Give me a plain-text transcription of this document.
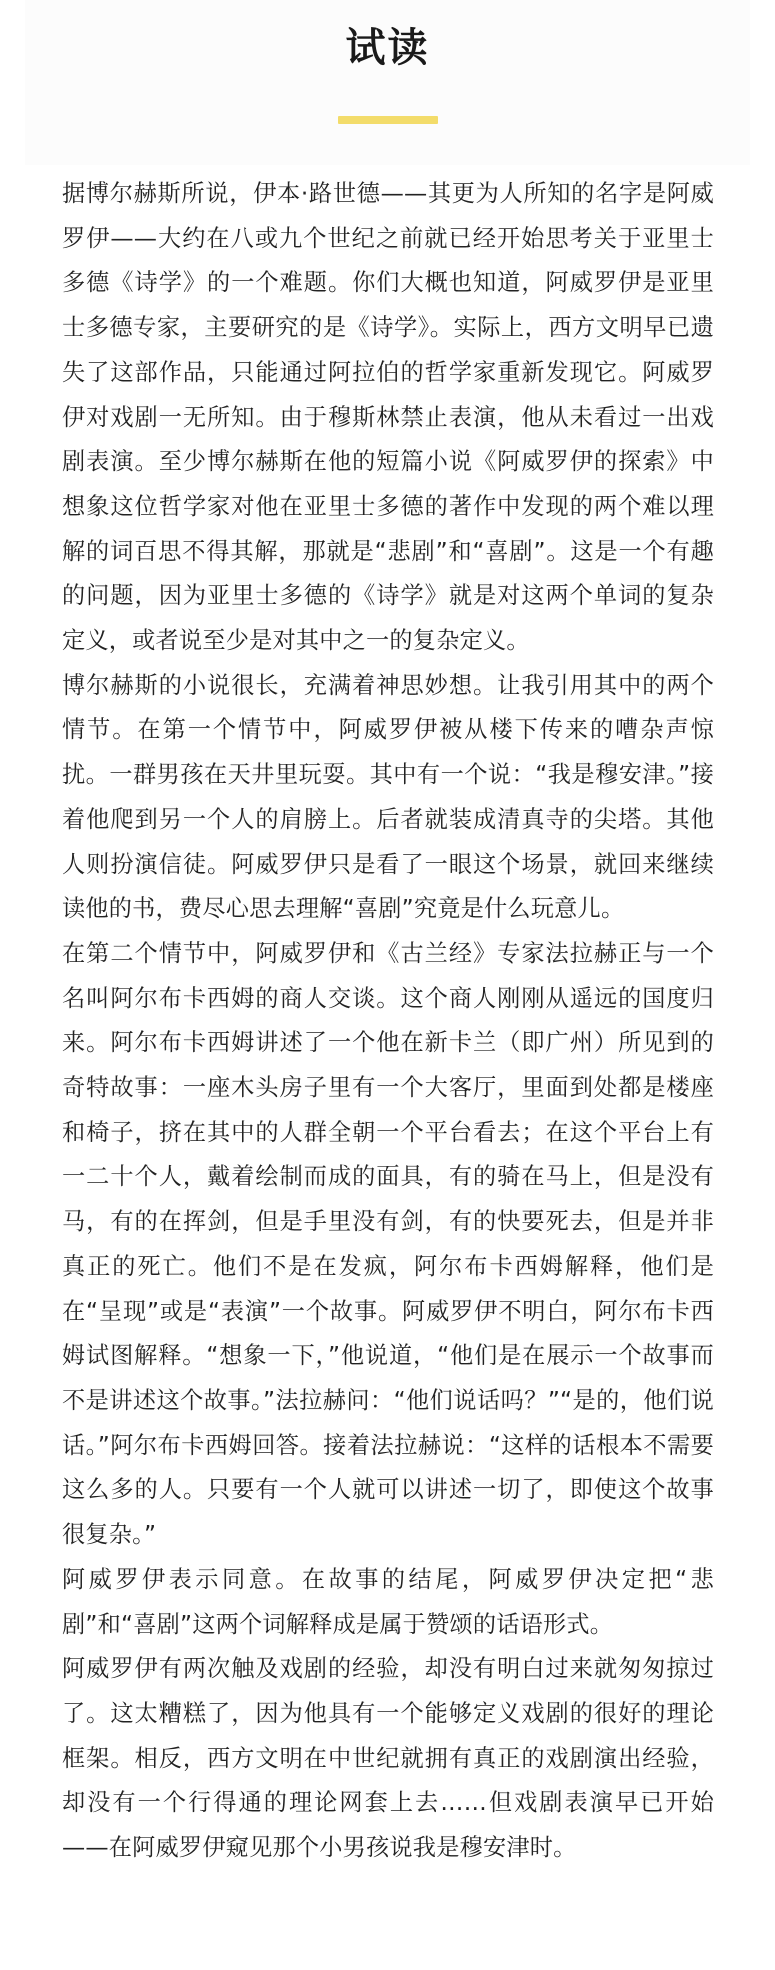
试读

据博尔赫斯所说，伊本·路世德——其更为人所知的名字是阿威罗伊——大约在八或九个世纪之前就已经开始思考关于亚里士多德《诗学》的一个难题。你们大概也知道，阿威罗伊是亚里士多德专家，主要研究的是《诗学》。实际上，西方文明早已遗失了这部作品，只能通过阿拉伯的哲学家重新发现它。阿威罗伊对戏剧一无所知。由于穆斯林禁止表演，他从未看过一出戏剧表演。至少博尔赫斯在他的短篇小说《阿威罗伊的探索》中想象这位哲学家对他在亚里士多德的著作中发现的两个难以理解的词百思不得其解，那就是“悲剧”和“喜剧”。这是一个有趣的问题，因为亚里士多德的《诗学》就是对这两个单词的复杂定义，或者说至少是对其中之一的复杂定义。

博尔赫斯的小说很长，充满着神思妙想。让我引用其中的两个情节。在第一个情节中，阿威罗伊被从楼下传来的嘈杂声惊扰。一群男孩在天井里玩耍。其中有一个说：“我是穆安津。”接着他爬到另一个人的肩膀上。后者就装成清真寺的尖塔。其他人则扮演信徒。阿威罗伊只是看了一眼这个场景，就回来继续读他的书，费尽心思去理解“喜剧”究竟是什么玩意儿。

在第二个情节中，阿威罗伊和《古兰经》专家法拉赫正与一个名叫阿尔布卡西姆的商人交谈。这个商人刚刚从遥远的国度归来。阿尔布卡西姆讲述了一个他在新卡兰（即广州）所见到的奇特故事：一座木头房子里有一个大客厅，里面到处都是楼座和椅子，挤在其中的人群全朝一个平台看去；在这个平台上有一二十个人，戴着绘制而成的面具，有的骑在马上，但是没有马，有的在挥剑，但是手里没有剑，有的快要死去，但是并非真正的死亡。他们不是在发疯，阿尔布卡西姆解释，他们是在“呈现”或是“表演”一个故事。阿威罗伊不明白，阿尔布卡西姆试图解释。“想象一下，”他说道，“他们是在展示一个故事而不是讲述这个故事。”法拉赫问：“他们说话吗？”“是的，他们说话。”阿尔布卡西姆回答。接着法拉赫说：“这样的话根本不需要这么多的人。只要有一个人就可以讲述一切了，即使这个故事很复杂。”

阿威罗伊表示同意。在故事的结尾，阿威罗伊决定把“悲剧”和“喜剧”这两个词解释成是属于赞颂的话语形式。

阿威罗伊有两次触及戏剧的经验，却没有明白过来就匆匆掠过了。这太糟糕了，因为他具有一个能够定义戏剧的很好的理论框架。相反，西方文明在中世纪就拥有真正的戏剧演出经验，却没有一个行得通的理论网套上去……但戏剧表演早已开始——在阿威罗伊窥见那个小男孩说我是穆安津时。
